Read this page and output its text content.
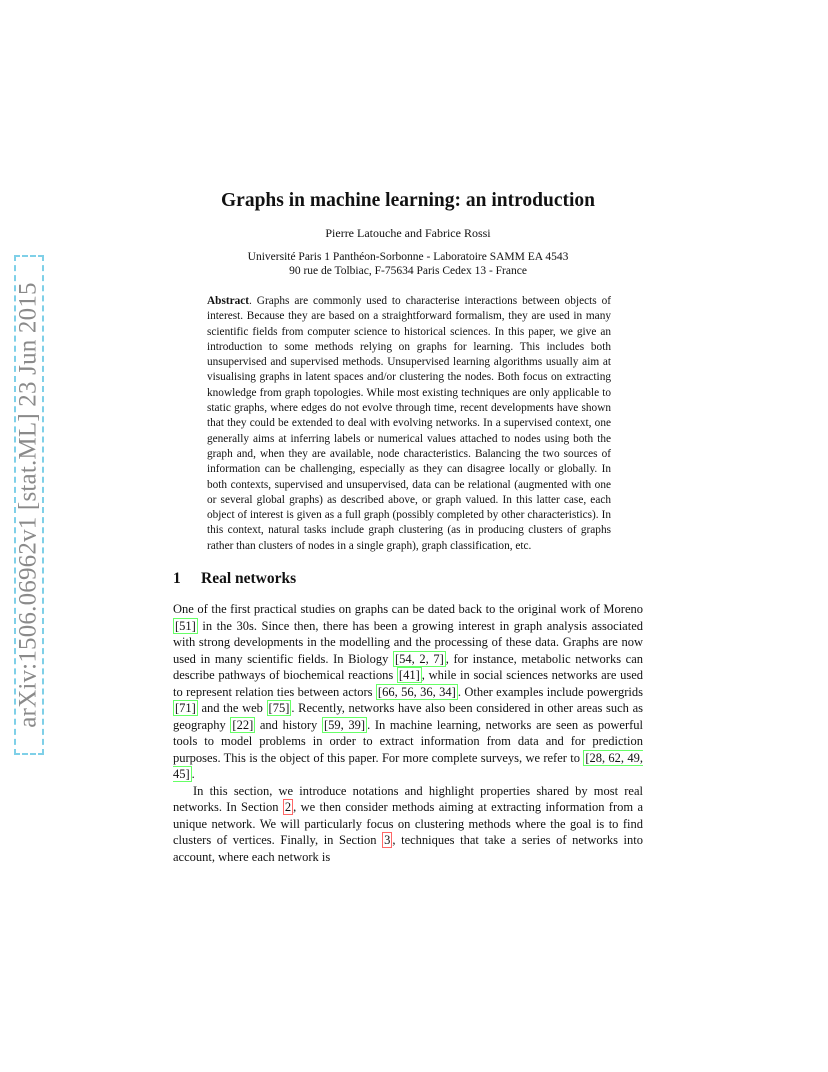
arXiv:1506.06962v1 [stat.ML] 23 Jun 2015
Graphs in machine learning: an introduction
Pierre Latouche and Fabrice Rossi
Université Paris 1 Panthéon-Sorbonne - Laboratoire SAMM EA 4543
90 rue de Tolbiac, F-75634 Paris Cedex 13 - France
Abstract. Graphs are commonly used to characterise interactions between objects of interest. Because they are based on a straightforward formalism, they are used in many scientific fields from computer science to historical sciences. In this paper, we give an introduction to some methods relying on graphs for learning. This includes both unsupervised and supervised methods. Unsupervised learning algorithms usually aim at visualising graphs in latent spaces and/or clustering the nodes. Both focus on extracting knowledge from graph topologies. While most existing techniques are only applicable to static graphs, where edges do not evolve through time, recent developments have shown that they could be extended to deal with evolving networks. In a supervised context, one generally aims at inferring labels or numerical values attached to nodes using both the graph and, when they are available, node characteristics. Balancing the two sources of information can be challenging, especially as they can disagree locally or globally. In both contexts, supervised and unsupervised, data can be relational (augmented with one or several global graphs) as described above, or graph valued. In this latter case, each object of interest is given as a full graph (possibly completed by other characteristics). In this context, natural tasks include graph clustering (as in producing clusters of graphs rather than clusters of nodes in a single graph), graph classification, etc.
1 Real networks

One of the first practical studies on graphs can be dated back to the original work of Moreno [51] in the 30s. Since then, there has been a growing interest in graph analysis associated with strong developments in the modelling and the processing of these data. Graphs are now used in many scientific fields. In Biology [54, 2, 7] , for instance, metabolic networks can describe pathways of biochemical reactions [41] , while in social sciences networks are used to represent relation ties between actors [66, 56, 36, 34] . Other examples include powergrids [71] and the web [75] . Recently, networks have also been considered in other areas such as geography [22] and history [59, 39] . In machine learning, networks are seen as powerful tools to model problems in order to extract information from data and for prediction purposes. This is the object of this paper. For more complete surveys, we refer to [28, 62, 49, 45] .

In this section, we introduce notations and highlight properties shared by most real networks. In Section 2 , we then consider methods aiming at extracting information from a unique network. We will particularly focus on clustering methods where the goal is to find clusters of vertices. Finally, in Section 3 , techniques that take a series of networks into account, where each network is
